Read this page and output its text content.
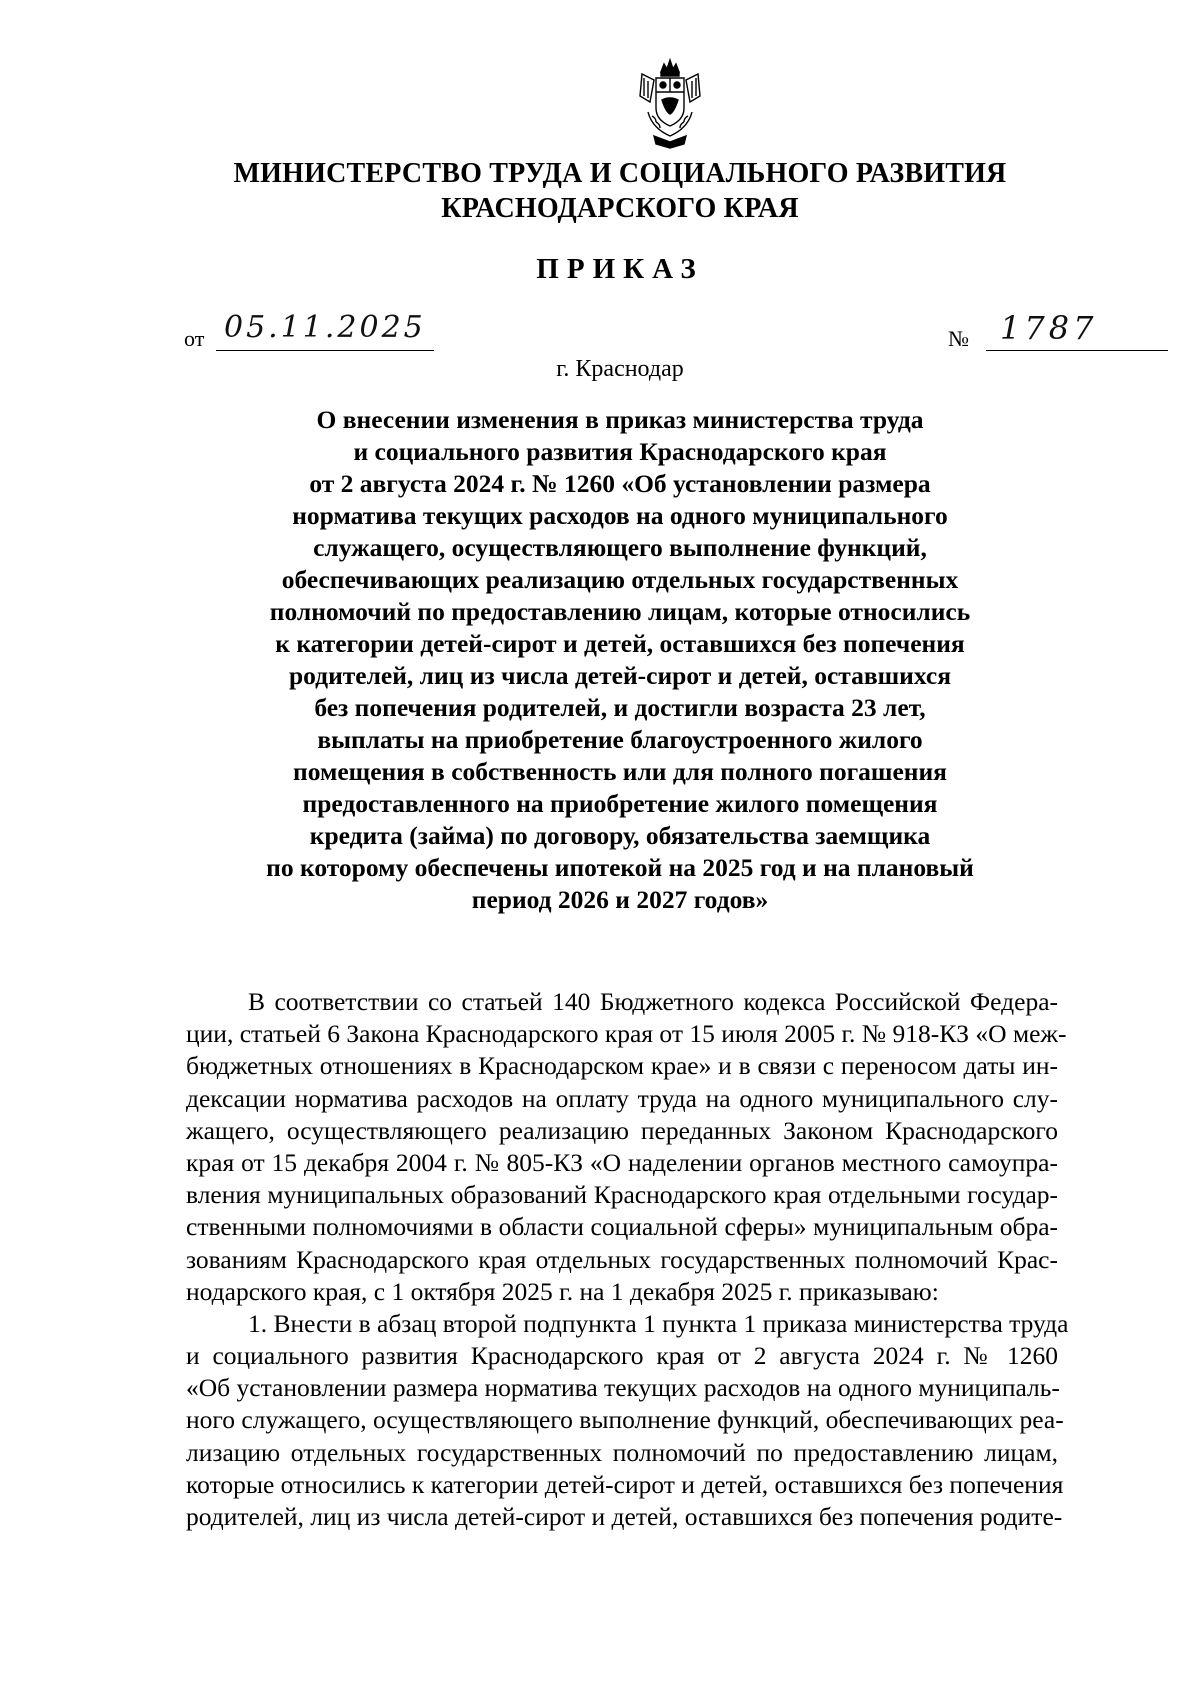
МИНИСТЕРСТВО ТРУДА И СОЦИАЛЬНОГО РАЗВИТИЯ
КРАСНОДАРСКОГО КРАЯ
ПРИКАЗ
от 05.11.2025	№ 1787
г. Краснодар
О внесении изменения в приказ министерства труда
и социального развития Краснодарского края
от 2 августа 2024 г. № 1260 «Об установлении размера
норматива текущих расходов на одного муниципального
служащего, осуществляющего выполнение функций,
обеспечивающих реализацию отдельных государственных
полномочий по предоставлению лицам, которые относились
к категории детей-сирот и детей, оставшихся без попечения
родителей, лиц из числа детей-сирот и детей, оставшихся
без попечения родителей, и достигли возраста 23 лет,
выплаты на приобретение благоустроенного жилого
помещения в собственность или для полного погашения
предоставленного на приобретение жилого помещения
кредита (займа) по договору, обязательства заемщика
по которому обеспечены ипотекой на 2025 год и на плановый
период 2026 и 2027 годов»
В соответствии со статьей 140 Бюджетного кодекса Российской Федера-
ции, статьей 6 Закона Краснодарского края от 15 июля 2005 г. № 918-КЗ «О меж-
бюджетных отношениях в Краснодарском крае» и в связи с переносом даты ин-
дексации норматива расходов на оплату труда на одного муниципального слу-
жащего, осуществляющего реализацию переданных Законом Краснодарского
края от 15 декабря 2004 г. № 805-КЗ «О наделении органов местного самоупра-
вления муниципальных образований Краснодарского края отдельными государ-
ственными полномочиями в области социальной сферы» муниципальным обра-
зованиям Краснодарского края отдельных государственных полномочий Крас-
нодарского края, с 1 октября 2025 г. на 1 декабря 2025 г. приказываю:
1. Внести в абзац второй подпункта 1 пункта 1 приказа министерства труда
и социального развития Краснодарского края от 2 августа 2024 г. № 1260
«Об установлении размера норматива текущих расходов на одного муниципаль-
ного служащего, осуществляющего выполнение функций, обеспечивающих реа-
лизацию отдельных государственных полномочий по предоставлению лицам,
которые относились к категории детей-сирот и детей, оставшихся без попечения
родителей, лиц из числа детей-сирот и детей, оставшихся без попечения родите-
